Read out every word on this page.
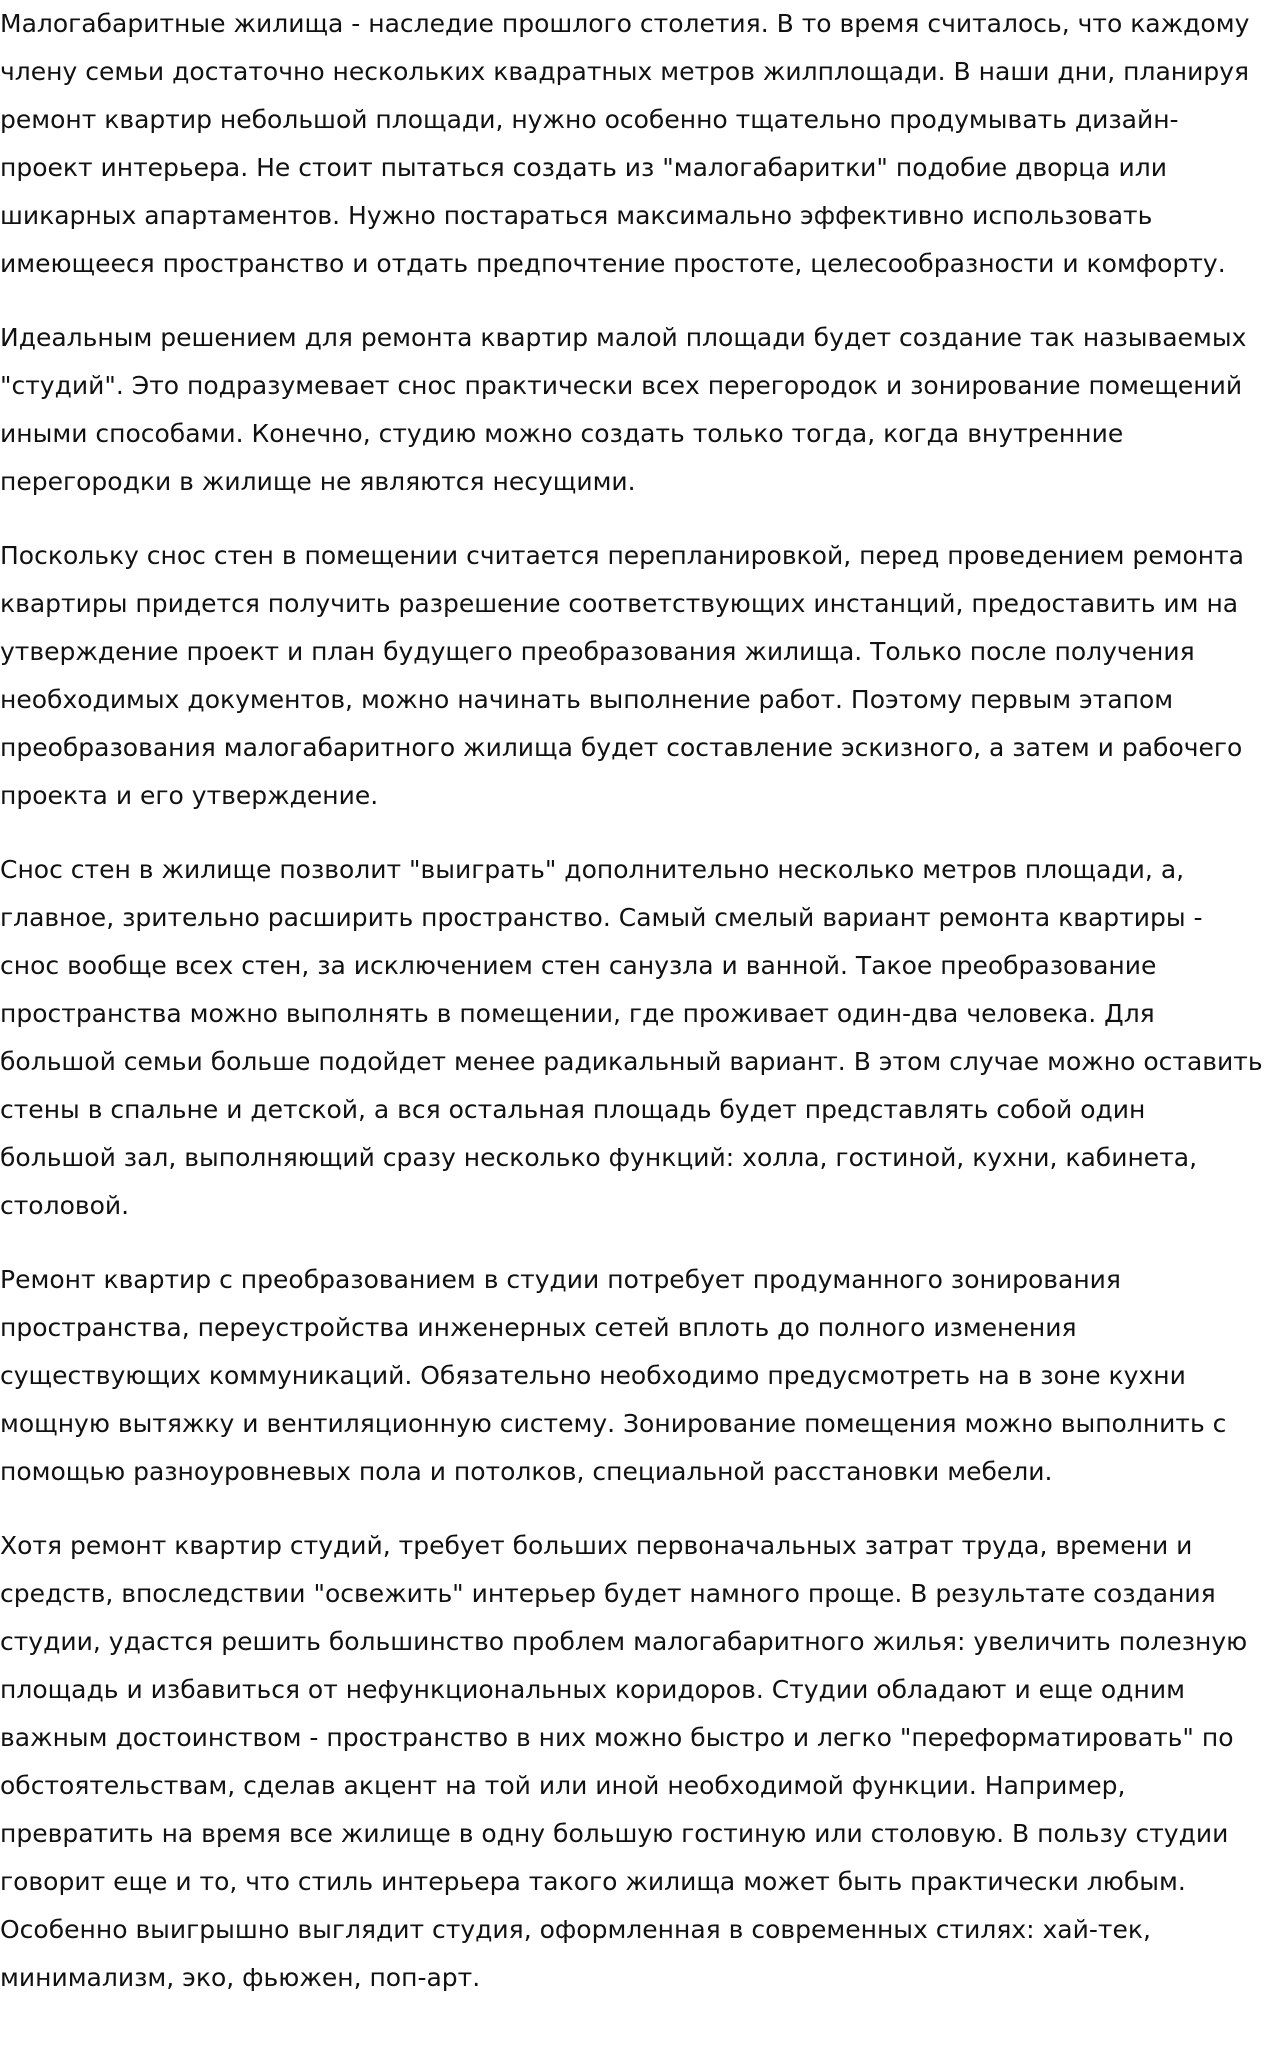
Малогабаритные жилища - наследие прошлого столетия. В то время считалось, что каждому члену семьи достаточно нескольких квадратных метров жилплощади. В наши дни, планируя ремонт квартир небольшой площади, нужно особенно тщательно продумывать дизайн-проект интерьера. Не стоит пытаться создать из "малогабаритки" подобие дворца или шикарных апартаментов. Нужно постараться максимально эффективно использовать имеющееся пространство и отдать предпочтение простоте, целесообразности и комфорту.

Идеальным решением для ремонта квартир малой площади будет создание так называемых "студий". Это подразумевает снос практически всех перегородок и зонирование помещений иными способами. Конечно, студию можно создать только тогда, когда внутренние перегородки в жилище не являются несущими.

Поскольку снос стен в помещении считается перепланировкой, перед проведением ремонта квартиры придется получить разрешение соответствующих инстанций, предоставить им на утверждение проект и план будущего преобразования жилища. Только после получения необходимых документов, можно начинать выполнение работ. Поэтому первым этапом преобразования малогабаритного жилища будет составление эскизного, а затем и рабочего проекта и его утверждение.

Снос стен в жилище позволит "выиграть" дополнительно несколько метров площади, а, главное, зрительно расширить пространство. Самый смелый вариант ремонта квартиры - снос вообще всех стен, за исключением стен санузла и ванной. Такое преобразование пространства можно выполнять в помещении, где проживает один-два человека. Для большой семьи больше подойдет менее радикальный вариант. В этом случае можно оставить стены в спальне и детской, а вся остальная площадь будет представлять собой один большой зал, выполняющий сразу несколько функций: холла, гостиной, кухни, кабинета, столовой.

Ремонт квартир с преобразованием в студии потребует продуманного зонирования пространства, переустройства инженерных сетей вплоть до полного изменения существующих коммуникаций. Обязательно необходимо предусмотреть на в зоне кухни мощную вытяжку и вентиляционную систему. Зонирование помещения можно выполнить с помощью разноуровневых пола и потолков, специальной расстановки мебели.

Хотя ремонт квартир студий, требует больших первоначальных затрат труда, времени и средств, впоследствии "освежить" интерьер будет намного проще. В результате создания студии, удастся решить большинство проблем малогабаритного жилья: увеличить полезную площадь и избавиться от нефункциональных коридоров. Студии обладают и еще одним важным достоинством - пространство в них можно быстро и легко "переформатировать" по обстоятельствам, сделав акцент на той или иной необходимой функции. Например, превратить на время все жилище в одну большую гостиную или столовую. В пользу студии говорит еще и то, что стиль интерьера такого жилища может быть практически любым. Особенно выигрышно выглядит студия, оформленная в современных стилях: хай-тек, минимализм, эко, фьюжен, поп-арт.
